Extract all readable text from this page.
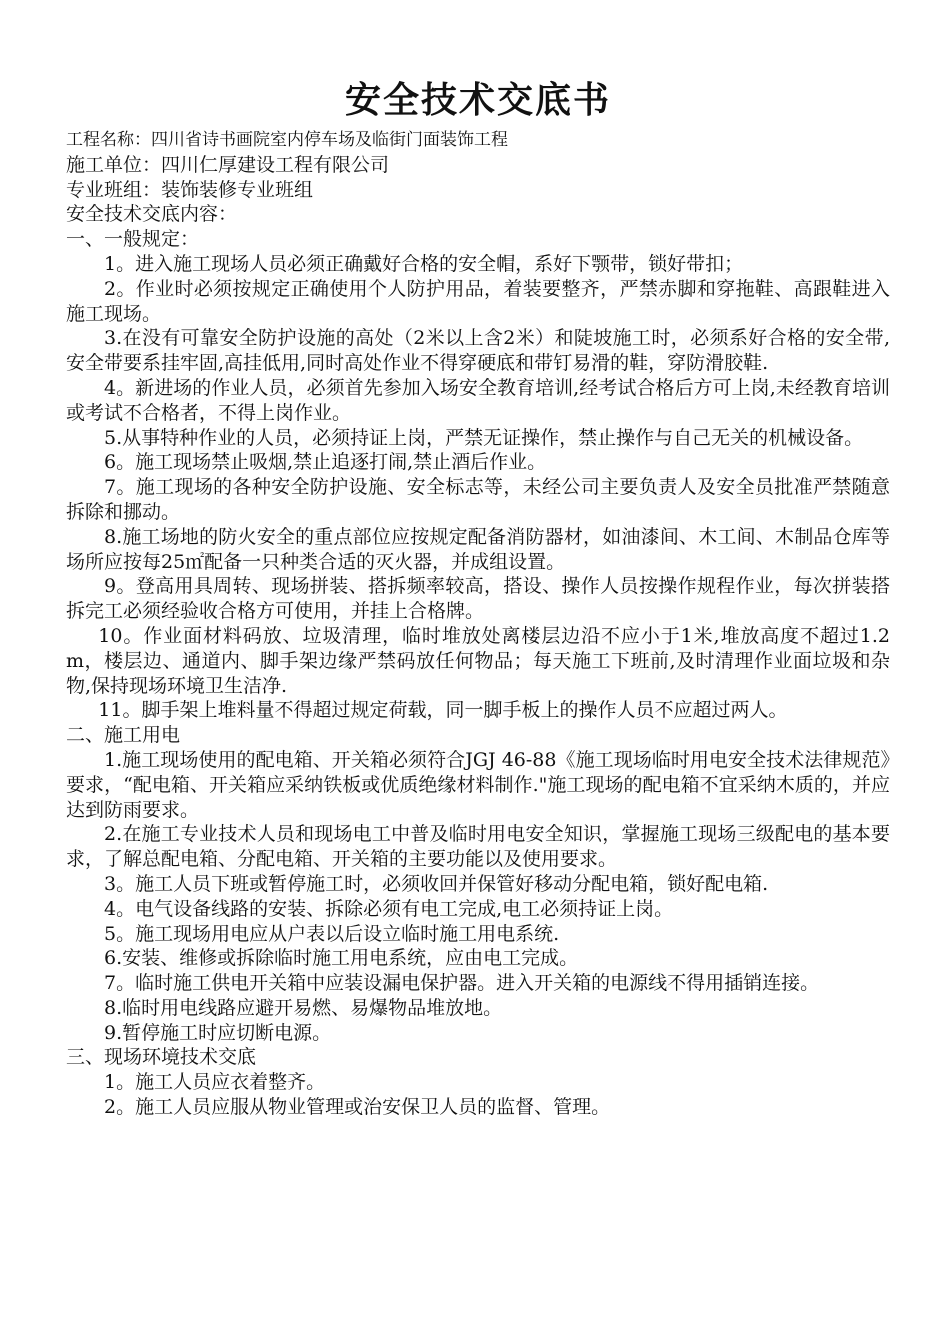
安全技术交底书
工程名称：四川省诗书画院室内停车场及临街门面装饰工程
施工单位：四川仁厚建设工程有限公司
专业班组：装饰装修专业班组
安全技术交底内容：
一、一般规定：
1。进入施工现场人员必须正确戴好合格的安全帽，系好下颚带，锁好带扣；
2。作业时必须按规定正确使用个人防护用品，着装要整齐，严禁赤脚和穿拖鞋、高跟鞋进入施工现场。
3.在没有可靠安全防护设施的高处（2米以上含2米）和陡坡施工时，必须系好合格的安全带,安全带要系挂牢固,高挂低用,同时高处作业不得穿硬底和带钉易滑的鞋，穿防滑胶鞋.
4。新进场的作业人员，必须首先参加入场安全教育培训,经考试合格后方可上岗,未经教育培训或考试不合格者，不得上岗作业。
5.从事特种作业的人员，必须持证上岗，严禁无证操作，禁止操作与自己无关的机械设备。
6。施工现场禁止吸烟,禁止追逐打闹,禁止酒后作业。
7。施工现场的各种安全防护设施、安全标志等，未经公司主要负责人及安全员批准严禁随意拆除和挪动。
8.施工场地的防火安全的重点部位应按规定配备消防器材，如油漆间、木工间、木制品仓库等场所应按每25㎡配备一只种类合适的灭火器，并成组设置。
9。登高用具周转、现场拼装、搭拆频率较高，搭设、操作人员按操作规程作业，每次拼装搭拆完工必须经验收合格方可使用，并挂上合格牌。
10。作业面材料码放、垃圾清理，临时堆放处离楼层边沿不应小于1米,堆放高度不超过1.2m，楼层边、通道内、脚手架边缘严禁码放任何物品；每天施工下班前,及时清理作业面垃圾和杂物,保持现场环境卫生洁净.
11。脚手架上堆料量不得超过规定荷载，同一脚手板上的操作人员不应超过两人。
二、施工用电
1.施工现场使用的配电箱、开关箱必须符合JGJ 46-88《施工现场临时用电安全技术法律规范》要求，“配电箱、开关箱应采纳铁板或优质绝缘材料制作."施工现场的配电箱不宜采纳木质的，并应达到防雨要求。
2.在施工专业技术人员和现场电工中普及临时用电安全知识，掌握施工现场三级配电的基本要求，了解总配电箱、分配电箱、开关箱的主要功能以及使用要求。
3。施工人员下班或暂停施工时，必须收回并保管好移动分配电箱，锁好配电箱.
4。电气设备线路的安装、拆除必须有电工完成,电工必须持证上岗。
5。施工现场用电应从户表以后设立临时施工用电系统.
6.安装、维修或拆除临时施工用电系统，应由电工完成。
7。临时施工供电开关箱中应装设漏电保护器。进入开关箱的电源线不得用插销连接。
8.临时用电线路应避开易燃、易爆物品堆放地。
9.暂停施工时应切断电源。
三、现场环境技术交底
1。施工人员应衣着整齐。
2。施工人员应服从物业管理或治安保卫人员的监督、管理。
